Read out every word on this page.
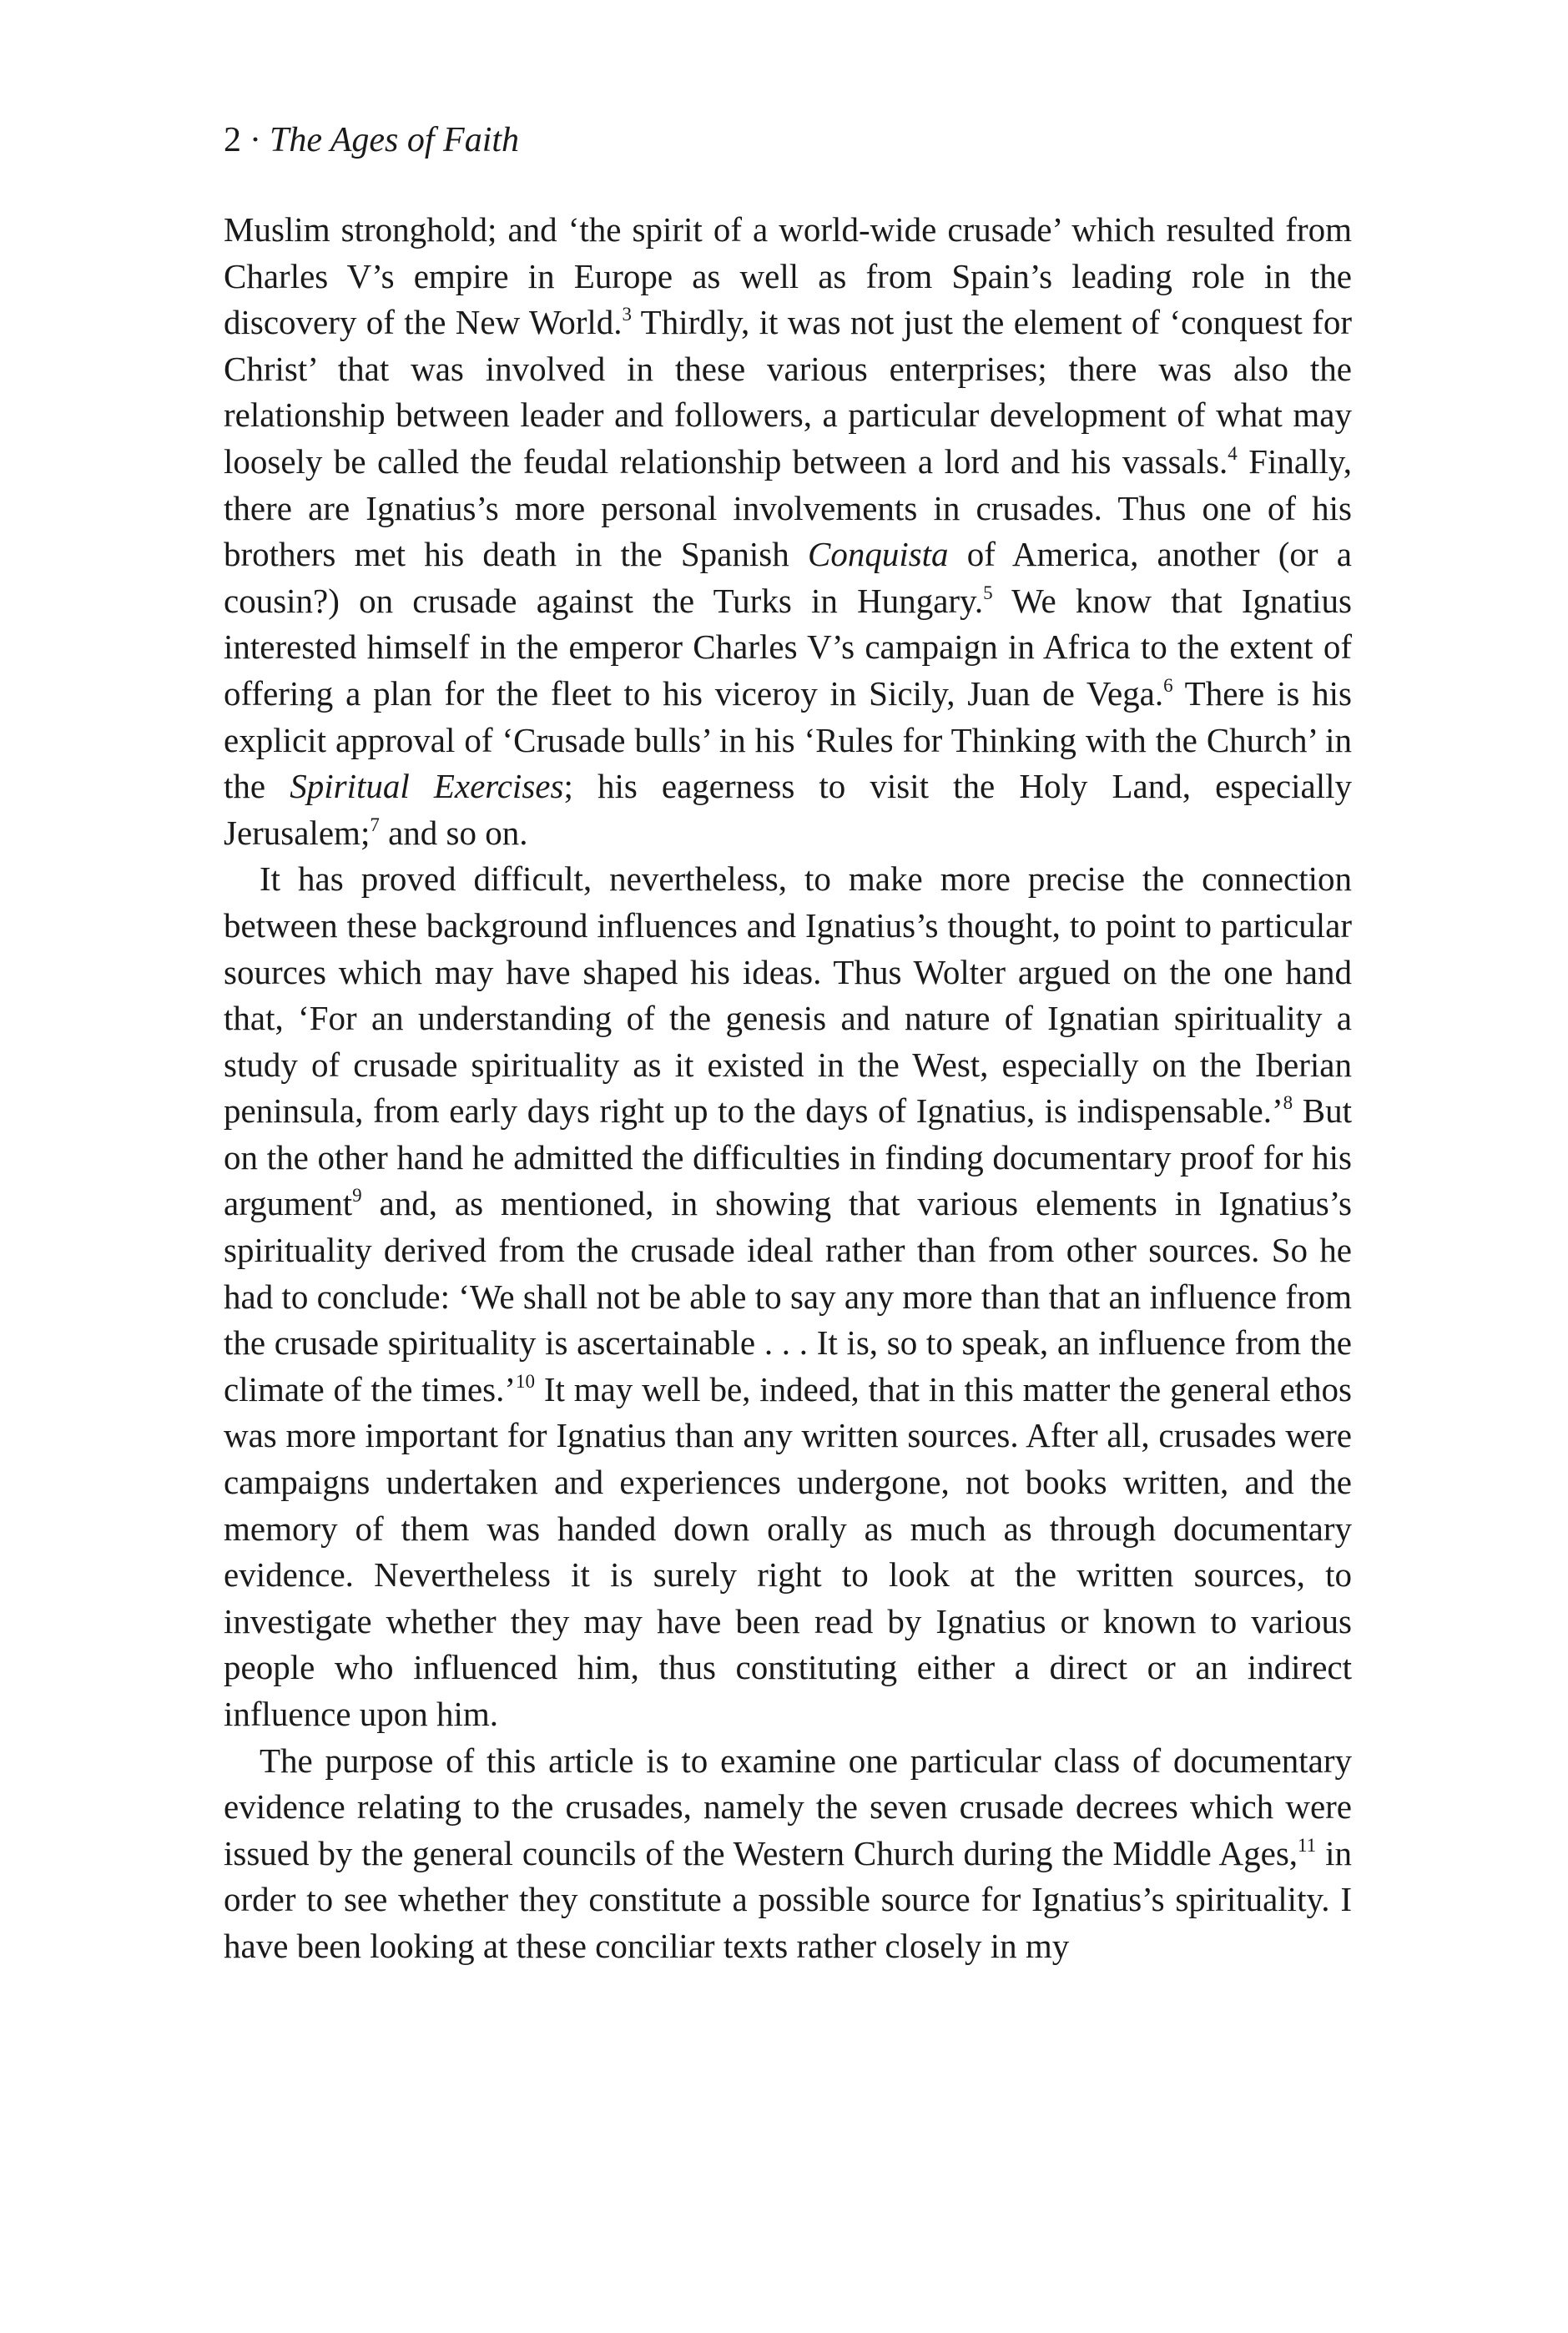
2 · The Ages of Faith

Muslim stronghold; and ‘the spirit of a world-wide crusade’ which resulted from Charles V’s empire in Europe as well as from Spain’s leading role in the discovery of the New World.$^3$ Thirdly, it was not just the element of ‘conquest for Christ’ that was involved in these various enterprises; there was also the relationship between leader and followers, a particular development of what may loosely be called the feudal relationship between a lord and his vassals.$^4$ Finally, there are Ignatius’s more personal involvements in crusades. Thus one of his brothers met his death in the Spanish Conquista of America, another (or a cousin?) on crusade against the Turks in Hungary.$^5$ We know that Ignatius interested himself in the emperor Charles V’s campaign in Africa to the extent of offering a plan for the fleet to his viceroy in Sicily, Juan de Vega.$^6$ There is his explicit approval of ‘Crusade bulls’ in his ‘Rules for Thinking with the Church’ in the Spiritual Exercises; his eagerness to visit the Holy Land, especially Jerusalem;$^7$ and so on.

It has proved difficult, nevertheless, to make more precise the connection between these background influences and Ignatius’s thought, to point to particular sources which may have shaped his ideas. Thus Wolter argued on the one hand that, ‘For an understanding of the genesis and nature of Ignatian spirituality a study of crusade spirituality as it existed in the West, especially on the Iberian peninsula, from early days right up to the days of Ignatius, is indispensable.’$^8$ But on the other hand he admitted the difficulties in finding documentary proof for his argument$^9$ and, as mentioned, in showing that various elements in Ignatius’s spirituality derived from the crusade ideal rather than from other sources. So he had to conclude: ‘We shall not be able to say any more than that an influence from the crusade spirituality is ascertainable . . . It is, so to speak, an influence from the climate of the times.’$^{10}$ It may well be, indeed, that in this matter the general ethos was more important for Ignatius than any written sources. After all, crusades were campaigns undertaken and experiences undergone, not books written, and the memory of them was handed down orally as much as through documentary evidence. Nevertheless it is surely right to look at the written sources, to investigate whether they may have been read by Ignatius or known to various people who influenced him, thus constituting either a direct or an indirect influence upon him.

The purpose of this article is to examine one particular class of documentary evidence relating to the crusades, namely the seven crusade decrees which were issued by the general councils of the Western Church during the Middle Ages,$^{11}$ in order to see whether they constitute a possible source for Ignatius’s spirituality. I have been looking at these conciliar texts rather closely in my
